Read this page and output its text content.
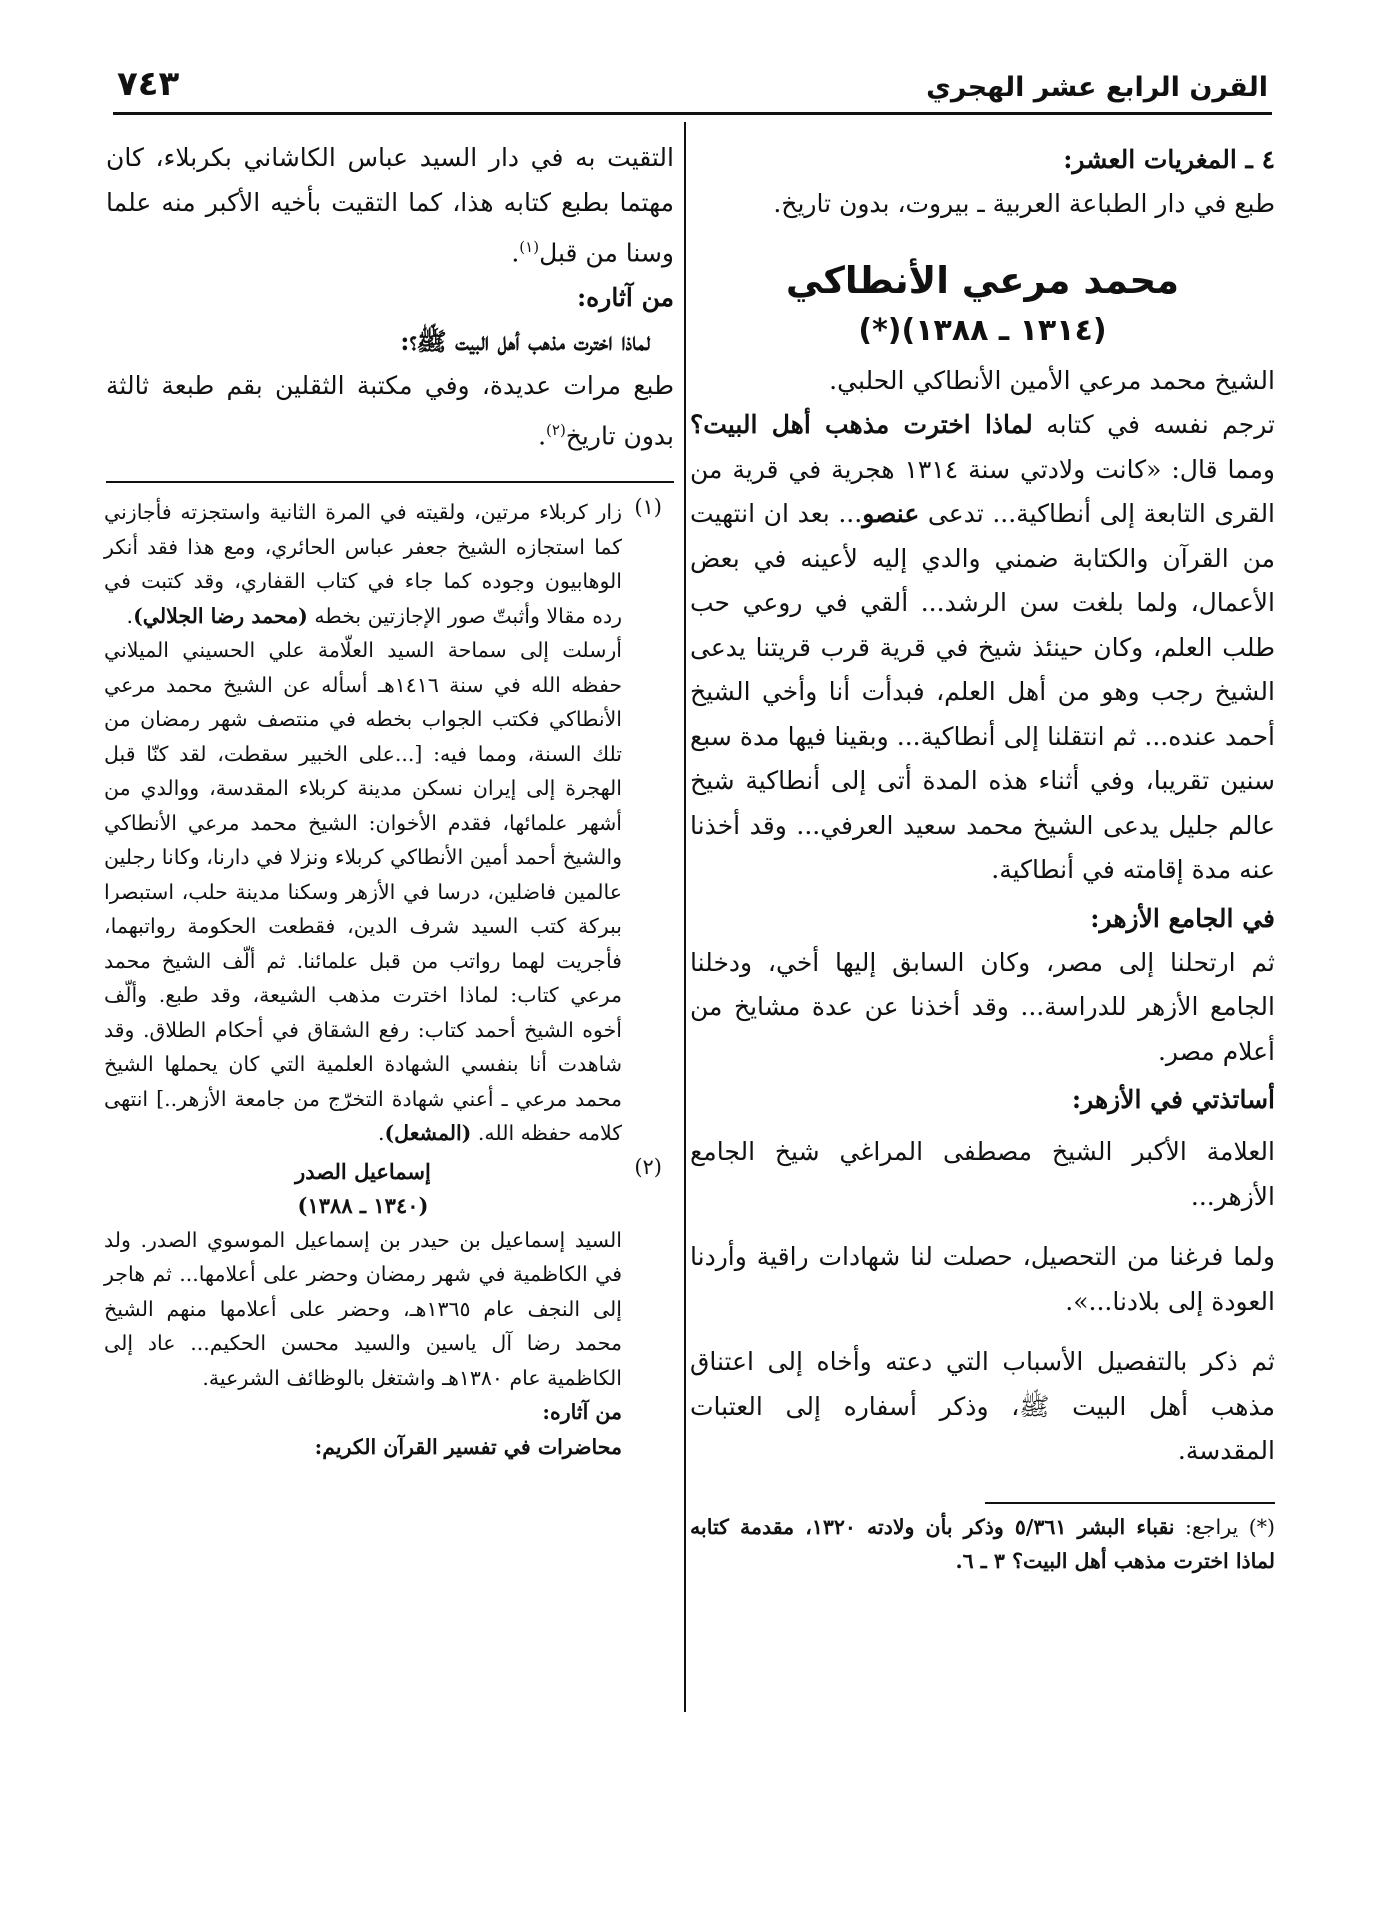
القرن الرابع عشر الهجري
٧٤٣

٤ ـ المغريات العشر:

طبع في دار الطباعة العربية ـ بيروت، بدون تاريخ.

محمد مرعي الأنطاكي

(١٣١٤ ـ ١٣٨٨)(*)

الشيخ محمد مرعي الأمين الأنطاكي الحلبي.

ترجم نفسه في كتابه لماذا اخترت مذهب أهل البيت؟ ومما قال: «كانت ولادتي سنة ١٣١٤ هجرية في قرية من القرى التابعة إلى أنطاكية... تدعى عنصو... بعد ان انتهيت من القرآن والكتابة ضمني والدي إليه لأعينه في بعض الأعمال، ولما بلغت سن الرشد... ألقي في روعي حب طلب العلم، وكان حينئذ شيخ في قرية قرب قريتنا يدعى الشيخ رجب وهو من أهل العلم، فبدأت أنا وأخي الشيخ أحمد عنده... ثم انتقلنا إلى أنطاكية... وبقينا فيها مدة سبع سنين تقريبا، وفي أثناء هذه المدة أتى إلى أنطاكية شيخ عالم جليل يدعى الشيخ محمد سعيد العرفي... وقد أخذنا عنه مدة إقامته في أنطاكية.

في الجامع الأزهر:

ثم ارتحلنا إلى مصر، وكان السابق إليها أخي، ودخلنا الجامع الأزهر للدراسة... وقد أخذنا عن عدة مشايخ من أعلام مصر.

أساتذتي في الأزهر:

العلامة الأكبر الشيخ مصطفى المراغي شيخ الجامع الأزهر...

ولما فرغنا من التحصيل، حصلت لنا شهادات راقية وأردنا العودة إلى بلادنا...».

ثم ذكر بالتفصيل الأسباب التي دعته وأخاه إلى اعتناق مذهب أهل البيت ﷺ، وذكر أسفاره إلى العتبات المقدسة.

(*) يراجع: نقباء البشر ٥/٣٦١ وذكر بأن ولادته ١٣٢٠، مقدمة كتابه لماذا اخترت مذهب أهل البيت؟ ٣ ـ ٦.

التقيت به في دار السيد عباس الكاشاني بكربلاء، كان مهتما بطبع كتابه هذا، كما التقيت بأخيه الأكبر منه علما وسنا من قبل$^{(١)}$.

من آثاره:

لماذا اخترت مذهب أهل البيت ﷺ؟:

طبع مرات عديدة، وفي مكتبة الثقلين بقم طبعة ثالثة بدون تاريخ$^{(٢)}$.

(١)

زار كربلاء مرتين، ولقيته في المرة الثانية واستجزته فأجازني كما استجازه الشيخ جعفر عباس الحائري، ومع هذا فقد أنكر الوهابيون وجوده كما جاء في كتاب القفاري، وقد كتبت في رده مقالا وأثبتّ صور الإجازتين بخطه (محمد رضا الجلالي).

أرسلت إلى سماحة السيد العلّامة علي الحسيني الميلاني حفظه الله في سنة ١٤١٦هـ أسأله عن الشيخ محمد مرعي الأنطاكي فكتب الجواب بخطه في منتصف شهر رمضان من تلك السنة، ومما فيه: [...على الخبير سقطت، لقد كنّا قبل الهجرة إلى إيران نسكن مدينة كربلاء المقدسة، ووالدي من أشهر علمائها، فقدم الأخوان: الشيخ محمد مرعي الأنطاكي والشيخ أحمد أمين الأنطاكي كربلاء ونزلا في دارنا، وكانا رجلين عالمين فاضلين، درسا في الأزهر وسكنا مدينة حلب، استبصرا ببركة كتب السيد شرف الدين، فقطعت الحكومة رواتبهما، فأجريت لهما رواتب من قبل علمائنا. ثم ألّف الشيخ محمد مرعي كتاب: لماذا اخترت مذهب الشيعة، وقد طبع. وألّف أخوه الشيخ أحمد كتاب: رفع الشقاق في أحكام الطلاق. وقد شاهدت أنا بنفسي الشهادة العلمية التي كان يحملها الشيخ محمد مرعي ـ أعني شهادة التخرّج من جامعة الأزهر..] انتهى كلامه حفظه الله. (المشعل).

(٢)

إسماعيل الصدر

(١٣٤٠ ـ ١٣٨٨)

السيد إسماعيل بن حيدر بن إسماعيل الموسوي الصدر. ولد في الكاظمية في شهر رمضان وحضر على أعلامها... ثم هاجر إلى النجف عام ١٣٦٥هـ، وحضر على أعلامها منهم الشيخ محمد رضا آل ياسين والسيد محسن الحكيم... عاد إلى الكاظمية عام ١٣٨٠هـ واشتغل بالوظائف الشرعية.

من آثاره:

محاضرات في تفسير القرآن الكريم:
